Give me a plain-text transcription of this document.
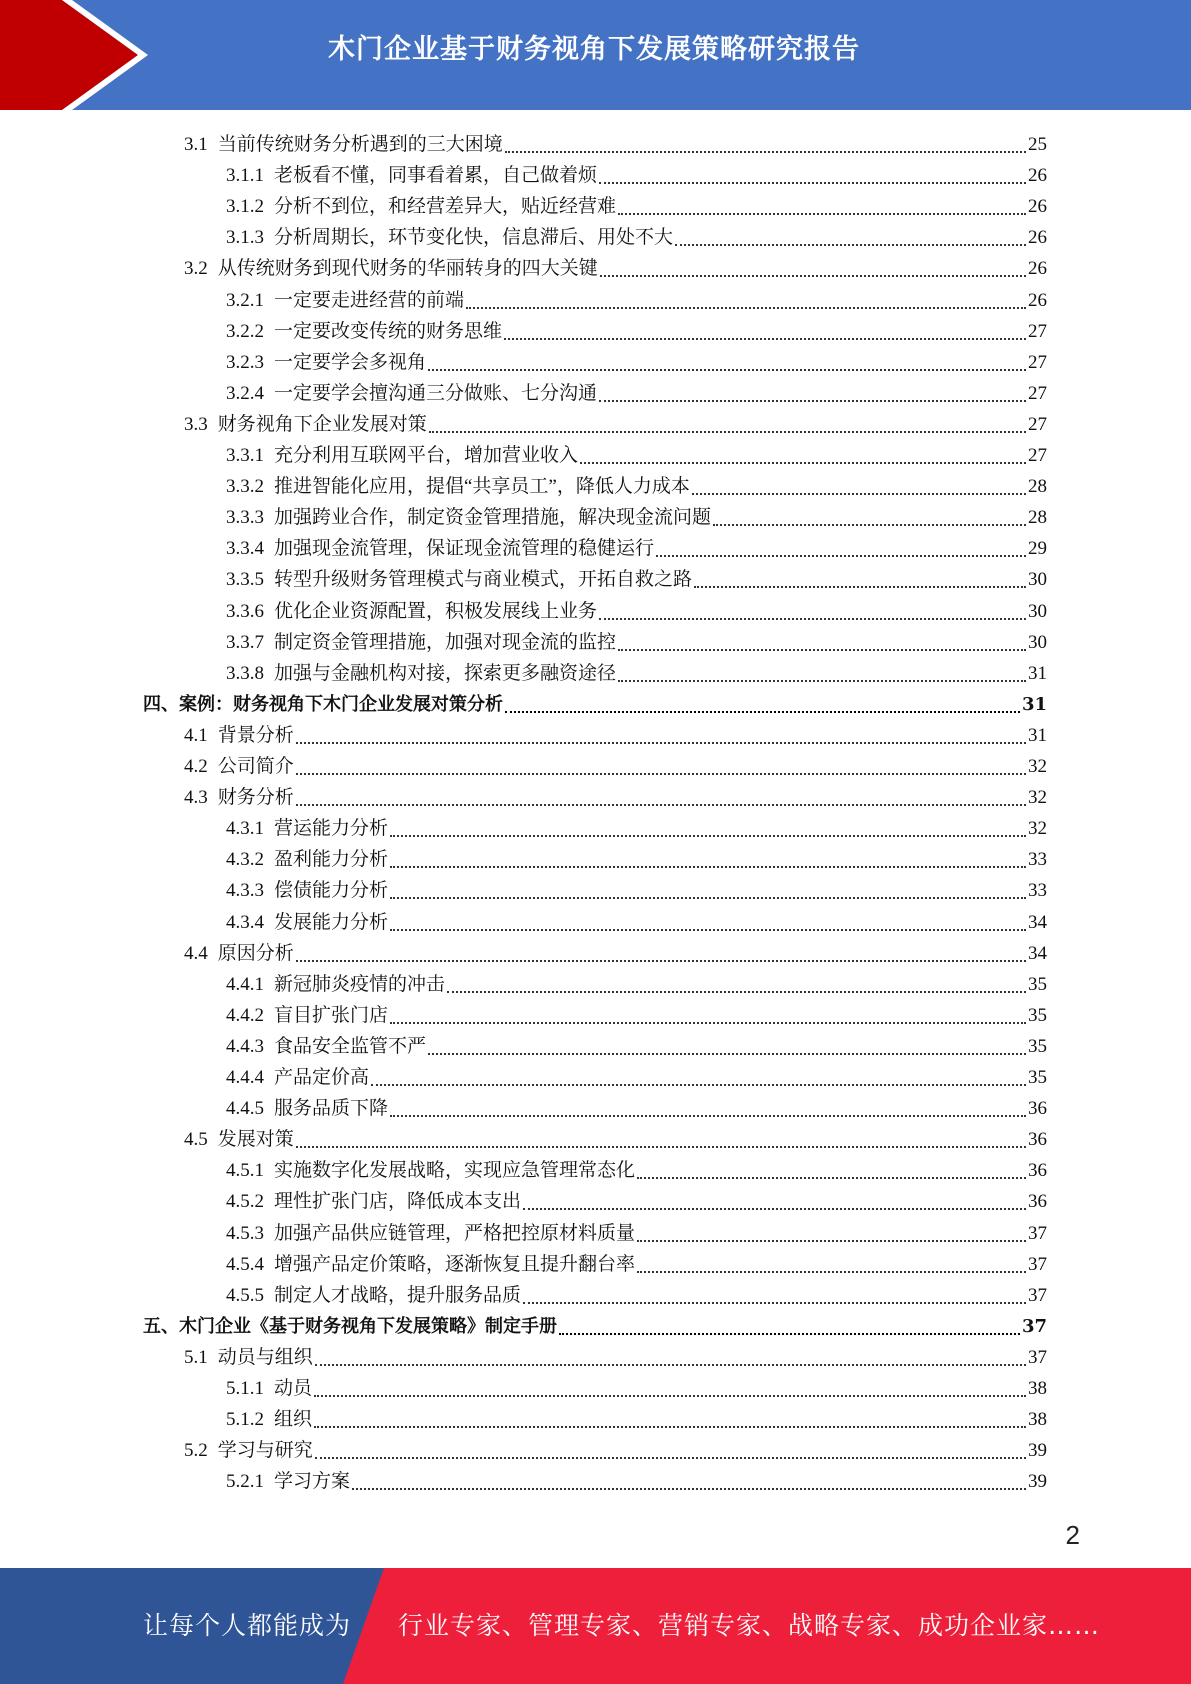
木门企业基于财务视角下发展策略研究报告
3.1 当前传统财务分析遇到的三大困境	25
3.1.1 老板看不懂，同事看着累，自己做着烦	26
3.1.2 分析不到位，和经营差异大，贴近经营难	26
3.1.3 分析周期长，环节变化快，信息滞后、用处不大	26
3.2 从传统财务到现代财务的华丽转身的四大关键	26
3.2.1 一定要走进经营的前端	26
3.2.2 一定要改变传统的财务思维	27
3.2.3 一定要学会多视角	27
3.2.4 一定要学会擅沟通三分做账、七分沟通	27
3.3 财务视角下企业发展对策	27
3.3.1 充分利用互联网平台，增加营业收入	27
3.3.2 推进智能化应用，提倡“共享员工”，降低人力成本	28
3.3.3 加强跨业合作，制定资金管理措施，解决现金流问题	28
3.3.4 加强现金流管理，保证现金流管理的稳健运行	29
3.3.5 转型升级财务管理模式与商业模式，开拓自救之路	30
3.3.6 优化企业资源配置，积极发展线上业务	30
3.3.7 制定资金管理措施，加强对现金流的监控	30
3.3.8 加强与金融机构对接，探索更多融资途径	31
四、案例：财务视角下木门企业发展对策分析	31
4.1 背景分析	31
4.2 公司简介	32
4.3 财务分析	32
4.3.1 营运能力分析	32
4.3.2 盈利能力分析	33
4.3.3 偿债能力分析	33
4.3.4 发展能力分析	34
4.4 原因分析	34
4.4.1 新冠肺炎疫情的冲击	35
4.4.2 盲目扩张门店	35
4.4.3 食品安全监管不严	35
4.4.4 产品定价高	35
4.4.5 服务品质下降	36
4.5 发展对策	36
4.5.1 实施数字化发展战略，实现应急管理常态化	36
4.5.2 理性扩张门店，降低成本支出	36
4.5.3 加强产品供应链管理，严格把控原材料质量	37
4.5.4 增强产品定价策略，逐渐恢复且提升翻台率	37
4.5.5 制定人才战略，提升服务品质	37
五、木门企业《基于财务视角下发展策略》制定手册	37
5.1 动员与组织	37
5.1.1 动员	38
5.1.2 组织	38
5.2 学习与研究	39
5.2.1 学习方案	39
2
让每个人都能成为 行业专家、管理专家、营销专家、战略专家、成功企业家……
